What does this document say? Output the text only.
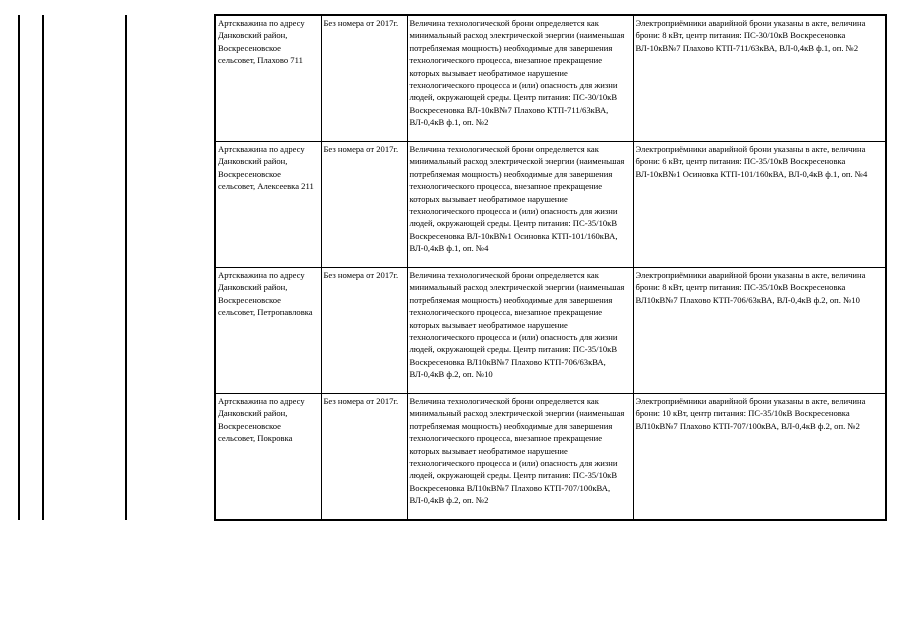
Артскважина по адресу Данковский район, Воскресеновское сельсовет, Плахово 711	Без номера от 2017г.	Величина технологической брони определяется как минимальный расход электрической энергии (наименьшая потребляемая мощность) необходимые для завершения технологического процесса, внезапное прекращение которых вызывает необратимое нарушение технологического процесса и (или) опасность для жизни людей, окружающей среды. Центр питания: ПС-30/10кВ Воскресеновка ВЛ-10кВ№7 Плахово КТП-711/63кВА, ВЛ-0,4кВ ф.1, оп. №2	Электроприёмники аварийной брони указаны в акте, величина брони: 8 кВт, центр питания: ПС-30/10кВ Воскресеновка ВЛ-10кВ№7 Плахово КТП-711/63кВА, ВЛ-0,4кВ ф.1, оп. №2
Артскважина по адресу Данковский район, Воскресеновское сельсовет, Алексеевка 211	Без номера от 2017г.	Величина технологической брони определяется как минимальный расход электрической энергии (наименьшая потребляемая мощность) необходимые для завершения технологического процесса, внезапное прекращение которых вызывает необратимое нарушение технологического процесса и (или) опасность для жизни людей, окружающей среды. Центр питания: ПС-35/10кВ Воскресеновка ВЛ-10кВ№1 Осиновка КТП-101/160кВА, ВЛ-0,4кВ ф.1, оп. №4	Электроприёмники аварийной брони указаны в акте, величина брони: 6 кВт, центр питания: ПС-35/10кВ Воскресеновка ВЛ-10кВ№1 Осиновка КТП-101/160кВА, ВЛ-0,4кВ ф.1, оп. №4
Артскважина по адресу Данковский район, Воскресеновское сельсовет, Петропавловка	Без номера от 2017г.	Величина технологической брони определяется как минимальный расход электрической энергии (наименьшая потребляемая мощность) необходимые для завершения технологического процесса, внезапное прекращение которых вызывает необратимое нарушение технологического процесса и (или) опасность для жизни людей, окружающей среды. Центр питания: ПС-35/10кВ Воскресеновка ВЛ10кВ№7 Плахово КТП-706/63кВА, ВЛ-0,4кВ ф.2, оп. №10	Электроприёмники аварийной брони указаны в акте, величина брони: 8 кВт, центр питания: ПС-35/10кВ Воскресеновка ВЛ10кВ№7 Плахово КТП-706/63кВА, ВЛ-0,4кВ ф.2, оп. №10
Артскважина по адресу Данковский район, Воскресеновское сельсовет, Покровка	Без номера от 2017г.	Величина технологической брони определяется как минимальный расход электрической энергии (наименьшая потребляемая мощность) необходимые для завершения технологического процесса, внезапное прекращение которых вызывает необратимое нарушение технологического процесса и (или) опасность для жизни людей, окружающей среды. Центр питания: ПС-35/10кВ Воскресеновка ВЛ10кВ№7 Плахово КТП-707/100кВА, ВЛ-0,4кВ ф.2, оп. №2	Электроприёмники аварийной брони указаны в акте, величина брони: 10 кВт, центр питания: ПС-35/10кВ Воскресеновка ВЛ10кВ№7 Плахово КТП-707/100кВА, ВЛ-0,4кВ ф.2, оп. №2
